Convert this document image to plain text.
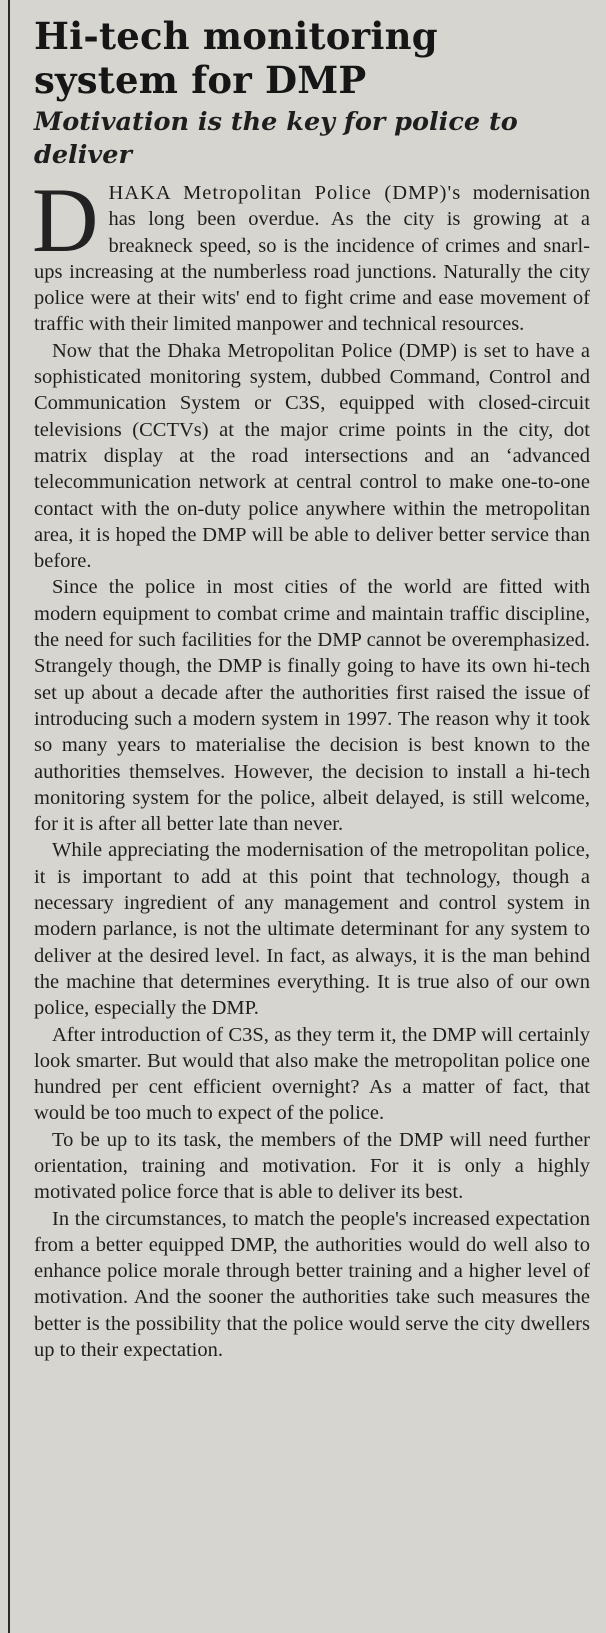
Hi-tech monitoring system for DMP
Motivation is the key for police to deliver

DHAKA Metropolitan Police (DMP)'s modernisation has long been overdue. As the city is growing at a breakneck speed, so is the incidence of crimes and snarl-ups increasing at the numberless road junctions. Naturally the city police were at their wits' end to fight crime and ease movement of traffic with their limited manpower and technical resources.

Now that the Dhaka Metropolitan Police (DMP) is set to have a sophisticated monitoring system, dubbed Command, Control and Communication System or C3S, equipped with closed-circuit televisions (CCTVs) at the major crime points in the city, dot matrix display at the road intersections and an ‘advanced telecommunication network at central control to make one-to-one contact with the on-duty police anywhere within the metropolitan area, it is hoped the DMP will be able to deliver better service than before.

Since the police in most cities of the world are fitted with modern equipment to combat crime and maintain traffic discipline, the need for such facilities for the DMP cannot be overemphasized. Strangely though, the DMP is finally going to have its own hi-tech set up about a decade after the authorities first raised the issue of introducing such a modern system in 1997. The reason why it took so many years to materialise the decision is best known to the authorities themselves. However, the decision to install a hi-tech monitoring system for the police, albeit delayed, is still welcome, for it is after all better late than never.

While appreciating the modernisation of the metropolitan police, it is important to add at this point that technology, though a necessary ingredient of any management and control system in modern parlance, is not the ultimate determinant for any system to deliver at the desired level. In fact, as always, it is the man behind the machine that determines everything. It is true also of our own police, especially the DMP.

After introduction of C3S, as they term it, the DMP will certainly look smarter. But would that also make the metropolitan police one hundred per cent efficient overnight? As a matter of fact, that would be too much to expect of the police.

To be up to its task, the members of the DMP will need further orientation, training and motivation. For it is only a highly motivated police force that is able to deliver its best.

In the circumstances, to match the people's increased expectation from a better equipped DMP, the authorities would do well also to enhance police morale through better training and a higher level of motivation. And the sooner the authorities take such measures the better is the possibility that the police would serve the city dwellers up to their expectation.
